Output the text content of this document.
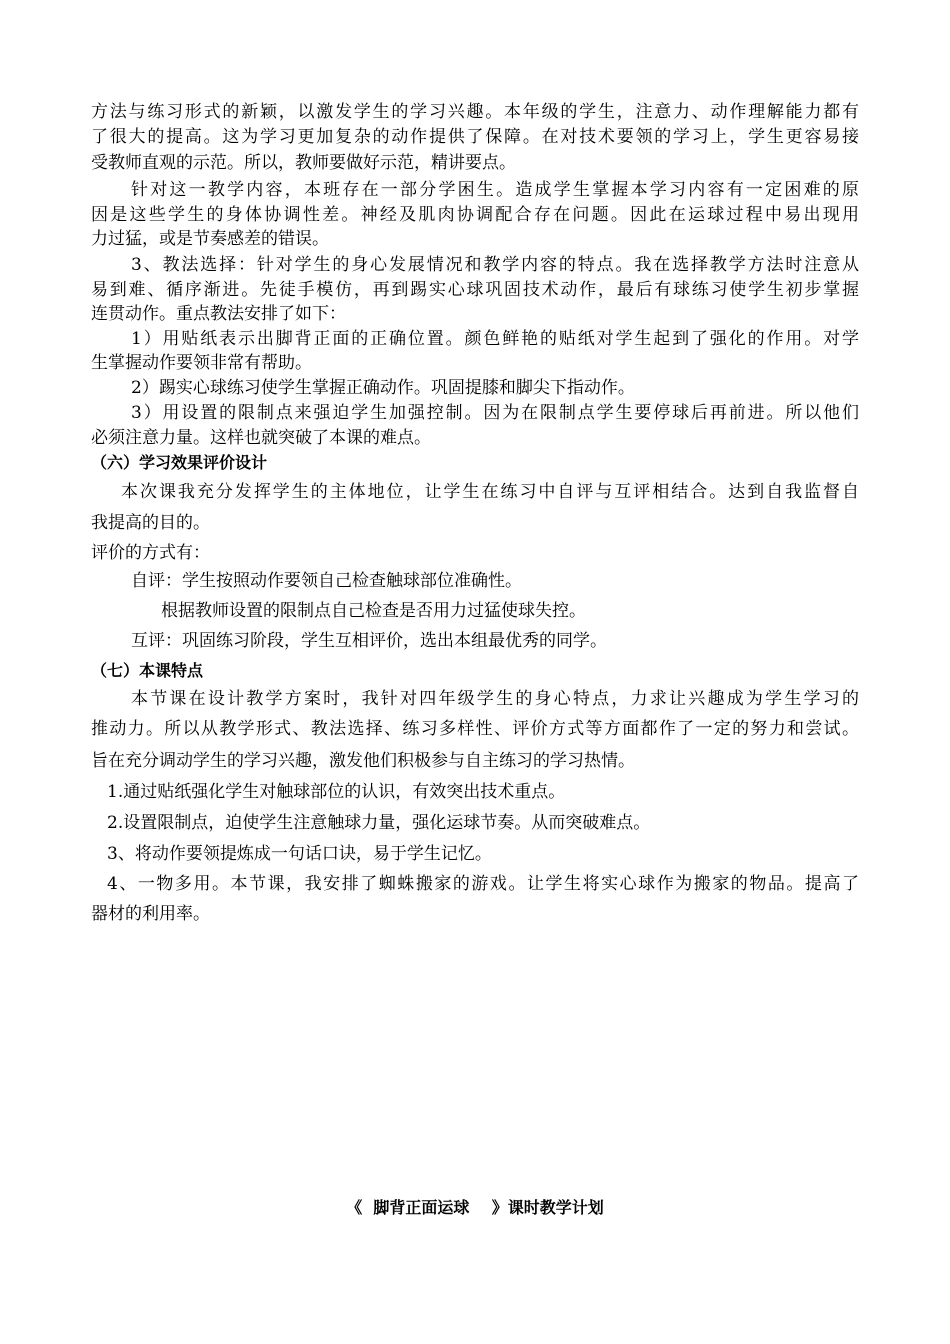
方法与练习形式的新颖，以激发学生的学习兴趣。本年级的学生，注意力、动作理解能力都有
了很大的提高。这为学习更加复杂的动作提供了保障。在对技术要领的学习上，学生更容易接
受教师直观的示范。所以，教师要做好示范，精讲要点。
针对这一教学内容，本班存在一部分学困生。造成学生掌握本学习内容有一定困难的原
因是这些学生的身体协调性差。神经及肌肉协调配合存在问题。因此在运球过程中易出现用
力过猛，或是节奏感差的错误。
3、教法选择：针对学生的身心发展情况和教学内容的特点。我在选择教学方法时注意从
易到难、循序渐进。先徒手模仿，再到踢实心球巩固技术动作，最后有球练习使学生初步掌握
连贯动作。重点教法安排了如下：
1）用贴纸表示出脚背正面的正确位置。颜色鲜艳的贴纸对学生起到了强化的作用。对学
生掌握动作要领非常有帮助。
2）踢实心球练习使学生掌握正确动作。巩固提膝和脚尖下指动作。
3）用设置的限制点来强迫学生加强控制。因为在限制点学生要停球后再前进。所以他们
必须注意力量。这样也就突破了本课的难点。
（六）学习效果评价设计
本次课我充分发挥学生的主体地位，让学生在练习中自评与互评相结合。达到自我监督自
我提高的目的。
评价的方式有：
自评：学生按照动作要领自己检查触球部位准确性。
根据教师设置的限制点自己检查是否用力过猛使球失控。
互评：巩固练习阶段，学生互相评价，选出本组最优秀的同学。
（七）本课特点
本节课在设计教学方案时，我针对四年级学生的身心特点，力求让兴趣成为学生学习的
推动力。所以从教学形式、教法选择、练习多样性、评价方式等方面都作了一定的努力和尝试。
旨在充分调动学生的学习兴趣，激发他们积极参与自主练习的学习热情。
1.通过贴纸强化学生对触球部位的认识，有效突出技术重点。
2.设置限制点，迫使学生注意触球力量，强化运球节奏。从而突破难点。
3、将动作要领提炼成一句话口诀，易于学生记忆。
4、一物多用。本节课，我安排了蜘蛛搬家的游戏。让学生将实心球作为搬家的物品。提高了
器材的利用率。
《  脚背正面运球    》课时教学计划
